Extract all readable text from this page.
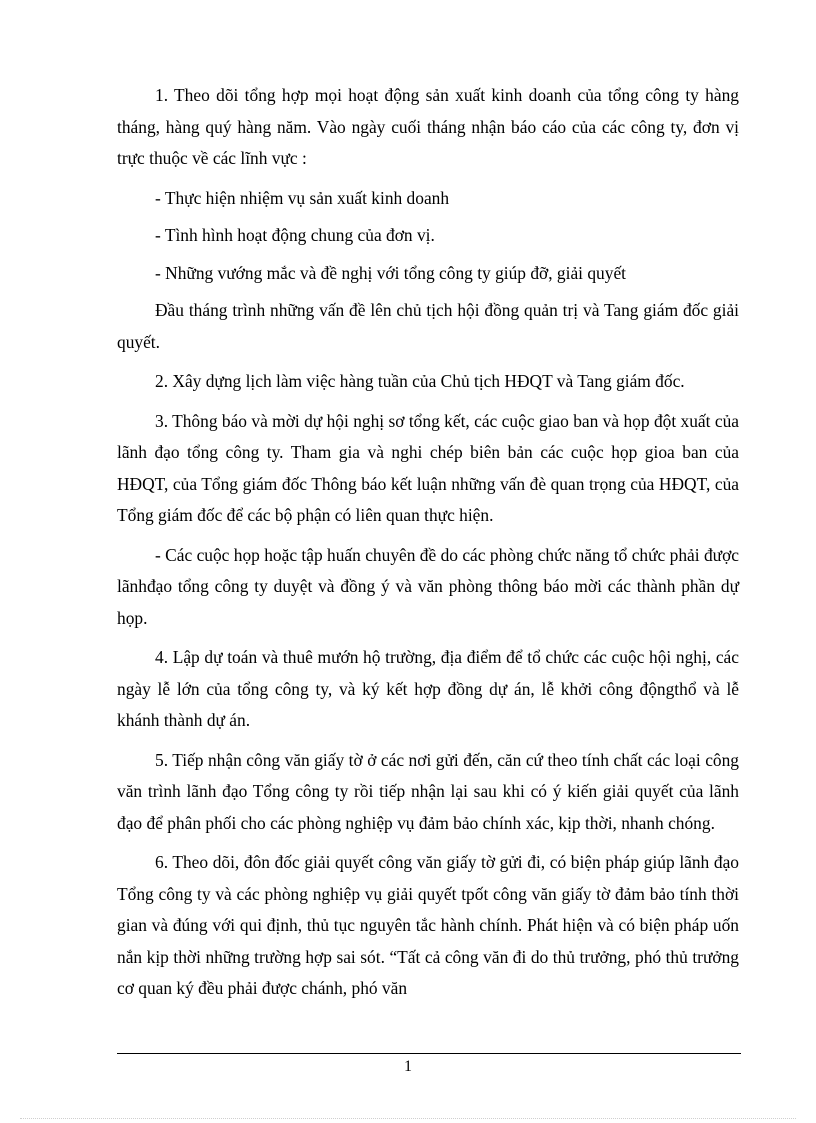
1. Theo dõi tổng hợp mọi hoạt động sản xuất kinh doanh của tổng công ty hàng tháng, hàng quý hàng năm. Vào ngày cuối tháng nhận báo cáo của các công ty, đơn vị trực thuộc về các lĩnh vực :

- Thực hiện nhiệm vụ sản xuất kinh doanh

- Tình hình hoạt động chung của đơn vị.

- Những vướng mắc và đề nghị với tổng công ty giúp đỡ, giải quyết

Đầu tháng trình những vấn đề lên chủ tịch hội đồng quản trị và Tang giám đốc giải quyết.

2. Xây dựng lịch làm việc hàng tuần của Chủ tịch HĐQT và Tang giám đốc.

3. Thông báo và mời dự hội nghị sơ tổng kết, các cuộc giao ban và họp đột xuất của lãnh đạo tổng công ty. Tham gia và nghi chép biên bản các cuộc họp gioa ban của HĐQT, của Tổng giám đốc Thông báo kết luận những vấn đè quan trọng của HĐQT, của Tổng giám đốc để các bộ phận có liên quan thực hiện.

- Các cuộc họp hoặc tập huấn chuyên đề do các phòng chức năng tổ chức phải được lãnhđạo tổng công ty duyệt và đồng ý và văn phòng thông báo mời các thành phần dự họp.

4. Lập dự toán và thuê mướn hộ trường, địa điểm để tổ chức các cuộc hội nghị, các ngày lễ lớn của tổng công ty, và ký kết hợp đồng dự án, lễ khởi công độngthổ và lễ khánh thành dự án.

5. Tiếp nhận công văn giấy tờ ở các nơi gửi đến, căn cứ theo tính chất các loại công văn trình lãnh đạo Tổng công ty rồi tiếp nhận lại sau khi có ý kiến giải quyết của lãnh đạo để phân phối cho các phòng nghiệp vụ đảm bảo chính xác, kịp thời, nhanh chóng.

6. Theo dõi, đôn đốc giải quyết công văn giấy tờ gửi đi, có biện pháp giúp lãnh đạo Tổng công ty và các phòng nghiệp vụ giải quyết tpốt công văn giấy tờ đảm bảo tính thời gian và đúng với qui định, thủ tục nguyên tắc hành chính. Phát hiện và có biện pháp uốn nắn kịp thời những trường hợp sai sót. “Tất cả công văn đi do thủ trưởng, phó thủ trưởng cơ quan ký đều phải được chánh, phó văn

1
